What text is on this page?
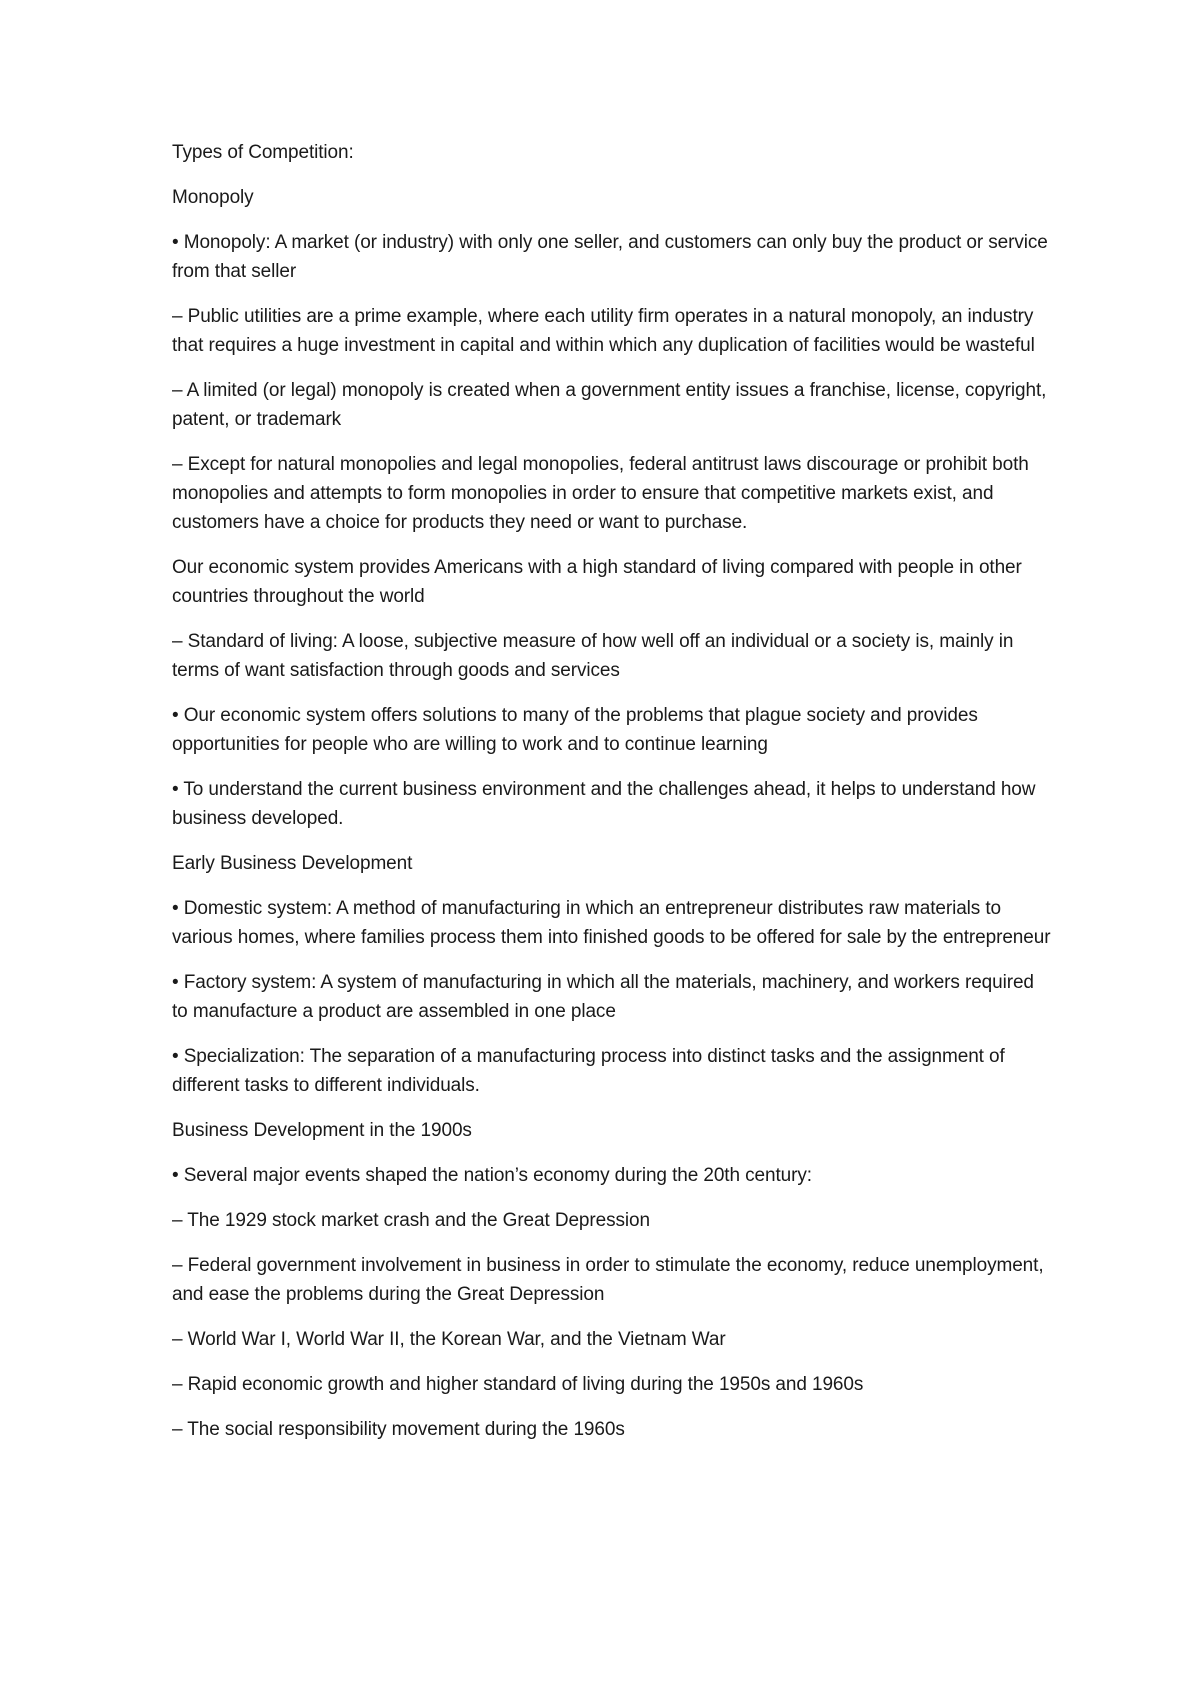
Types of Competition:

Monopoly

• Monopoly: A market (or industry) with only one seller, and customers can only buy the product or service from that seller

– Public utilities are a prime example, where each utility firm operates in a natural monopoly, an industry that requires a huge investment in capital and within which any duplication of facilities would be wasteful

– A limited (or legal) monopoly is created when a government entity issues a franchise, license, copyright, patent, or trademark

– Except for natural monopolies and legal monopolies, federal antitrust laws discourage or prohibit both monopolies and attempts to form monopolies in order to ensure that competitive markets exist, and customers have a choice for products they need or want to purchase.

Our economic system provides Americans with a high standard of living compared with people in other countries throughout the world

– Standard of living: A loose, subjective measure of how well off an individual or a society is, mainly in terms of want satisfaction through goods and services

• Our economic system offers solutions to many of the problems that plague society and provides opportunities for people who are willing to work and to continue learning

• To understand the current business environment and the challenges ahead, it helps to understand how business developed.

Early Business Development

• Domestic system: A method of manufacturing in which an entrepreneur distributes raw materials to various homes, where families process them into finished goods to be offered for sale by the entrepreneur

• Factory system: A system of manufacturing in which all the materials, machinery, and workers required to manufacture a product are assembled in one place

• Specialization: The separation of a manufacturing process into distinct tasks and the assignment of different tasks to different individuals.

Business Development in the 1900s

• Several major events shaped the nation’s economy during the 20th century:

– The 1929 stock market crash and the Great Depression

– Federal government involvement in business in order to stimulate the economy, reduce unemployment, and ease the problems during the Great Depression

– World War I, World War II, the Korean War, and the Vietnam War

– Rapid economic growth and higher standard of living during the 1950s and 1960s

– The social responsibility movement during the 1960s
